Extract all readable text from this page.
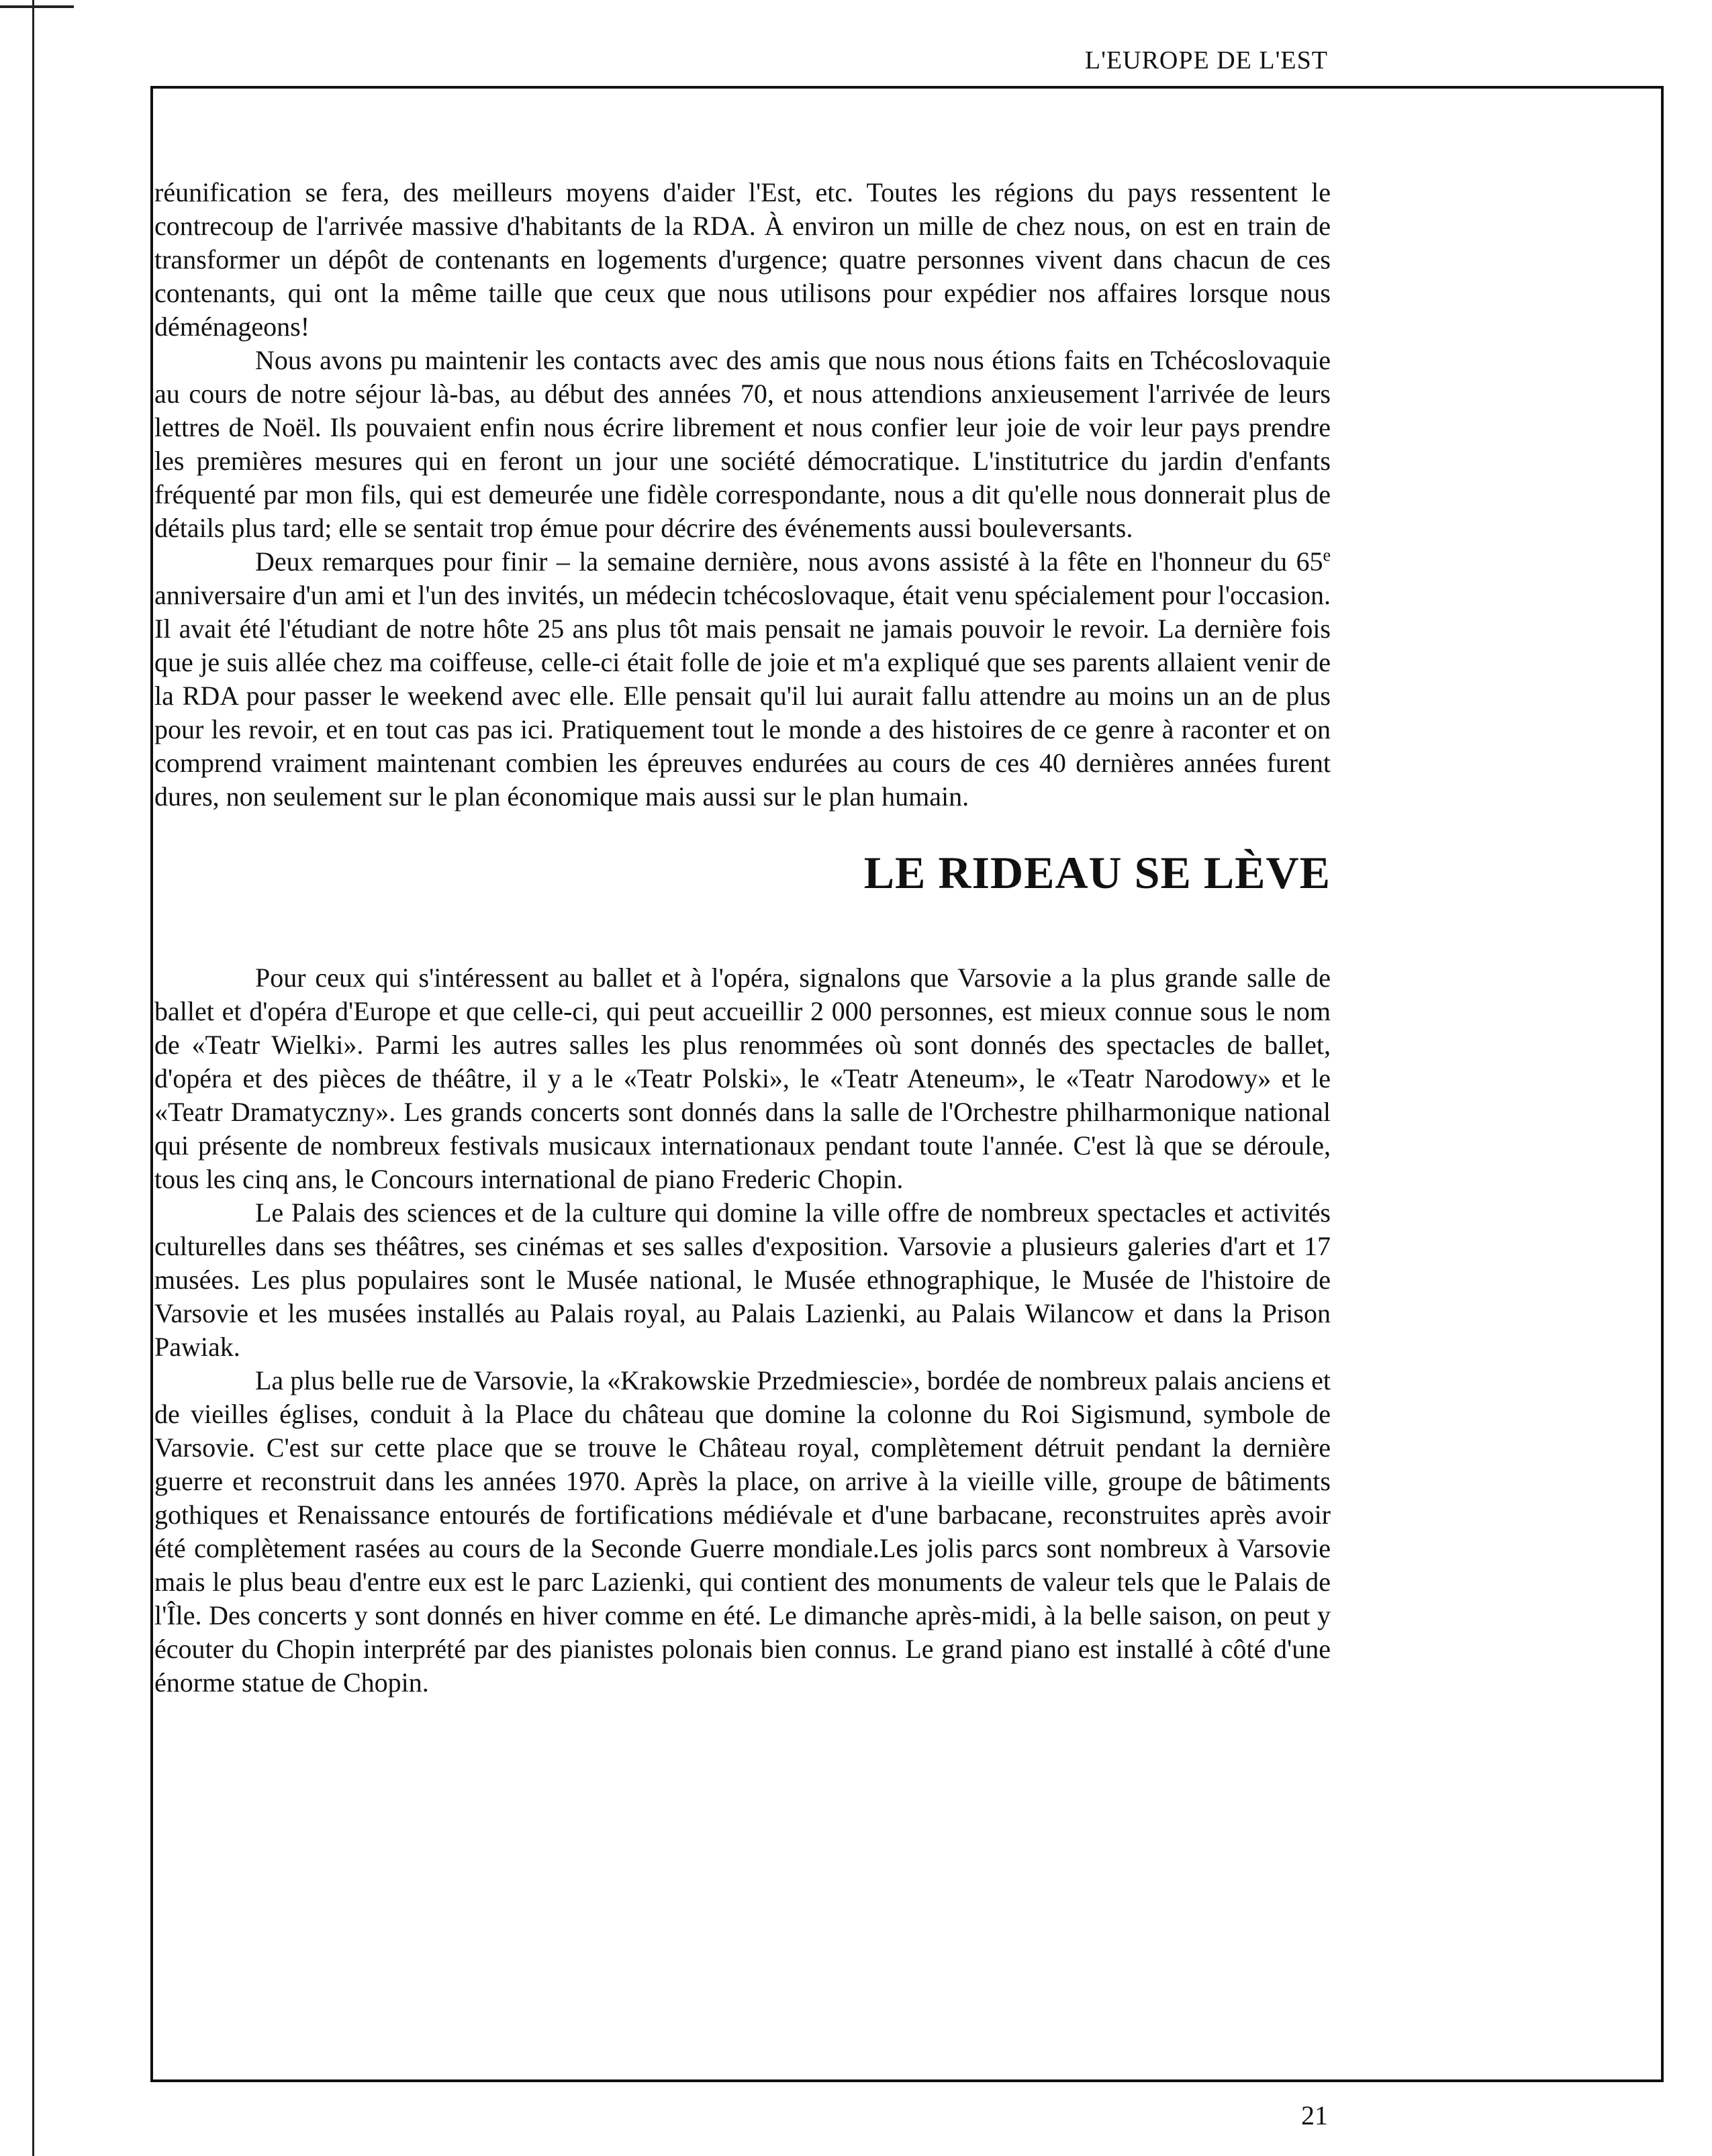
L'EUROPE DE L'EST

réunification se fera, des meilleurs moyens d'aider l'Est, etc. Toutes les régions du pays ressentent le contrecoup de l'arrivée massive d'habitants de la RDA. À environ un mille de chez nous, on est en train de transformer un dépôt de contenants en logements d'urgence; quatre personnes vivent dans chacun de ces contenants, qui ont la même taille que ceux que nous utilisons pour expédier nos affaires lorsque nous déménageons!

Nous avons pu maintenir les contacts avec des amis que nous nous étions faits en Tchécoslovaquie au cours de notre séjour là-bas, au début des années 70, et nous attendions anxieusement l'arrivée de leurs lettres de Noël. Ils pouvaient enfin nous écrire librement et nous confier leur joie de voir leur pays prendre les premières mesures qui en feront un jour une société démocratique. L'institutrice du jardin d'enfants fréquenté par mon fils, qui est demeurée une fidèle correspondante, nous a dit qu'elle nous donnerait plus de détails plus tard; elle se sentait trop émue pour décrire des événements aussi bouleversants.

Deux remarques pour finir – la semaine dernière, nous avons assisté à la fête en l'honneur du 65e anniversaire d'un ami et l'un des invités, un médecin tchécoslovaque, était venu spécialement pour l'occasion. Il avait été l'étudiant de notre hôte 25 ans plus tôt mais pensait ne jamais pouvoir le revoir. La dernière fois que je suis allée chez ma coiffeuse, celle-ci était folle de joie et m'a expliqué que ses parents allaient venir de la RDA pour passer le weekend avec elle. Elle pensait qu'il lui aurait fallu attendre au moins un an de plus pour les revoir, et en tout cas pas ici. Pratiquement tout le monde a des histoires de ce genre à raconter et on comprend vraiment maintenant combien les épreuves endurées au cours de ces 40 dernières années furent dures, non seulement sur le plan économique mais aussi sur le plan humain.

LE RIDEAU SE LÈVE

Pour ceux qui s'intéressent au ballet et à l'opéra, signalons que Varsovie a la plus grande salle de ballet et d'opéra d'Europe et que celle-ci, qui peut accueillir 2 000 personnes, est mieux connue sous le nom de «Teatr Wielki». Parmi les autres salles les plus renommées où sont donnés des spectacles de ballet, d'opéra et des pièces de théâtre, il y a le «Teatr Polski», le «Teatr Ateneum», le «Teatr Narodowy» et le «Teatr Dramatyczny». Les grands concerts sont donnés dans la salle de l'Orchestre philharmonique national qui présente de nombreux festivals musicaux internationaux pendant toute l'année. C'est là que se déroule, tous les cinq ans, le Concours international de piano Frederic Chopin.

Le Palais des sciences et de la culture qui domine la ville offre de nombreux spectacles et activités culturelles dans ses théâtres, ses cinémas et ses salles d'exposition. Varsovie a plusieurs galeries d'art et 17 musées. Les plus populaires sont le Musée national, le Musée ethnographique, le Musée de l'histoire de Varsovie et les musées installés au Palais royal, au Palais Lazienki, au Palais Wilancow et dans la Prison Pawiak.

La plus belle rue de Varsovie, la «Krakowskie Przedmiescie», bordée de nombreux palais anciens et de vieilles églises, conduit à la Place du château que domine la colonne du Roi Sigismund, symbole de Varsovie. C'est sur cette place que se trouve le Château royal, complètement détruit pendant la dernière guerre et reconstruit dans les années 1970. Après la place, on arrive à la vieille ville, groupe de bâtiments gothiques et Renaissance entourés de fortifications médiévale et d'une barbacane, reconstruites après avoir été complètement rasées au cours de la Seconde Guerre mondiale.Les jolis parcs sont nombreux à Varsovie mais le plus beau d'entre eux est le parc Lazienki, qui contient des monuments de valeur tels que le Palais de l'Île. Des concerts y sont donnés en hiver comme en été. Le dimanche après-midi, à la belle saison, on peut y écouter du Chopin interprété par des pianistes polonais bien connus. Le grand piano est installé à côté d'une énorme statue de Chopin.

21
